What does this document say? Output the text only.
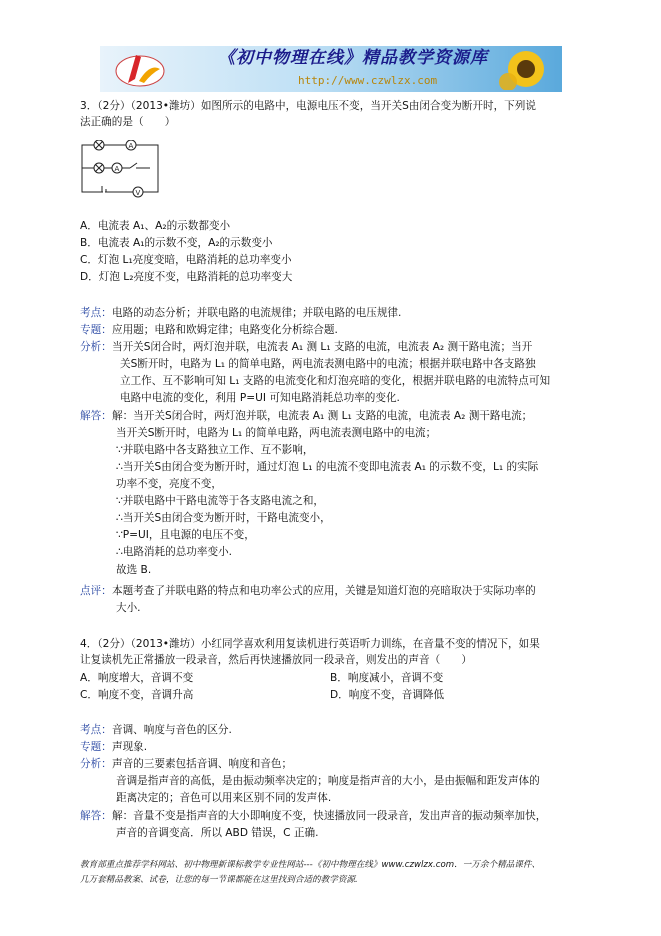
《初中物理在线》精品教学资源库
http://www.czwlzx.com
3．（2分）（2013•潍坊）如图所示的电路中，电源电压不变，当开关S由闭合变为断开时，下列说
法正确的是（　　）
A
A
V
A．电流表 A₁、A₂的示数都变小
B．电流表 A₁的示数不变，A₂的示数变小
C．灯泡 L₁亮度变暗，电路消耗的总功率变小
D．灯泡 L₂亮度不变，电路消耗的总功率变大
考点： 电路的动态分析；并联电路的电流规律；并联电路的电压规律.
专题： 应用题；电路和欧姆定律；电路变化分析综合题.
分析： 当开关S闭合时，两灯泡并联，电流表 A₁ 测 L₁ 支路的电流，电流表 A₂ 测干路电流；当开
关S断开时，电路为 L₁ 的简单电路，两电流表测电路中的电流；根据并联电路中各支路独
立工作、互不影响可知 L₁ 支路的电流变化和灯泡亮暗的变化，根据并联电路的电流特点可知
电路中电流的变化，利用 P=UI 可知电路消耗总功率的变化.
解答： 解：当开关S闭合时，两灯泡并联，电流表 A₁ 测 L₁ 支路的电流，电流表 A₂ 测干路电流；
当开关S断开时，电路为 L₁ 的简单电路，两电流表测电路中的电流；
∵并联电路中各支路独立工作、互不影响，
∴当开关S由闭合变为断开时，通过灯泡 L₁ 的电流不变即电流表 A₁ 的示数不变，L₁ 的实际
功率不变，亮度不变，
∵并联电路中干路电流等于各支路电流之和，
∴当开关S由闭合变为断开时，干路电流变小，
∵P=UI，且电源的电压不变，
∴电路消耗的总功率变小.
故选 B.
点评： 本题考查了并联电路的特点和电功率公式的应用，关键是知道灯泡的亮暗取决于实际功率的
大小.
4．（2分）（2013•潍坊）小红同学喜欢利用复读机进行英语听力训练，在音量不变的情况下，如果
让复读机先正常播放一段录音，然后再快速播放同一段录音，则发出的声音（　　）
A．响度增大，音调不变	B．响度减小，音调不变
C．响度不变，音调升高	D．响度不变，音调降低
考点： 音调、响度与音色的区分.
专题： 声现象.
分析： 声音的三要素包括音调、响度和音色；
音调是指声音的高低，是由振动频率决定的；响度是指声音的大小，是由振幅和距发声体的
距离决定的；音色可以用来区别不同的发声体.
解答： 解：音量不变是指声音的大小即响度不变，快速播放同一段录音，发出声音的振动频率加快，
声音的音调变高．所以 ABD 错误，C 正确.
教育部重点推荐学科网站、初中物理新课标教学专业性网站---《初中物理在线》www.czwlzx.com．一万余个精品课件、
几万套精品教案、试卷，让您的每一节课都能在这里找到合适的教学资源.
